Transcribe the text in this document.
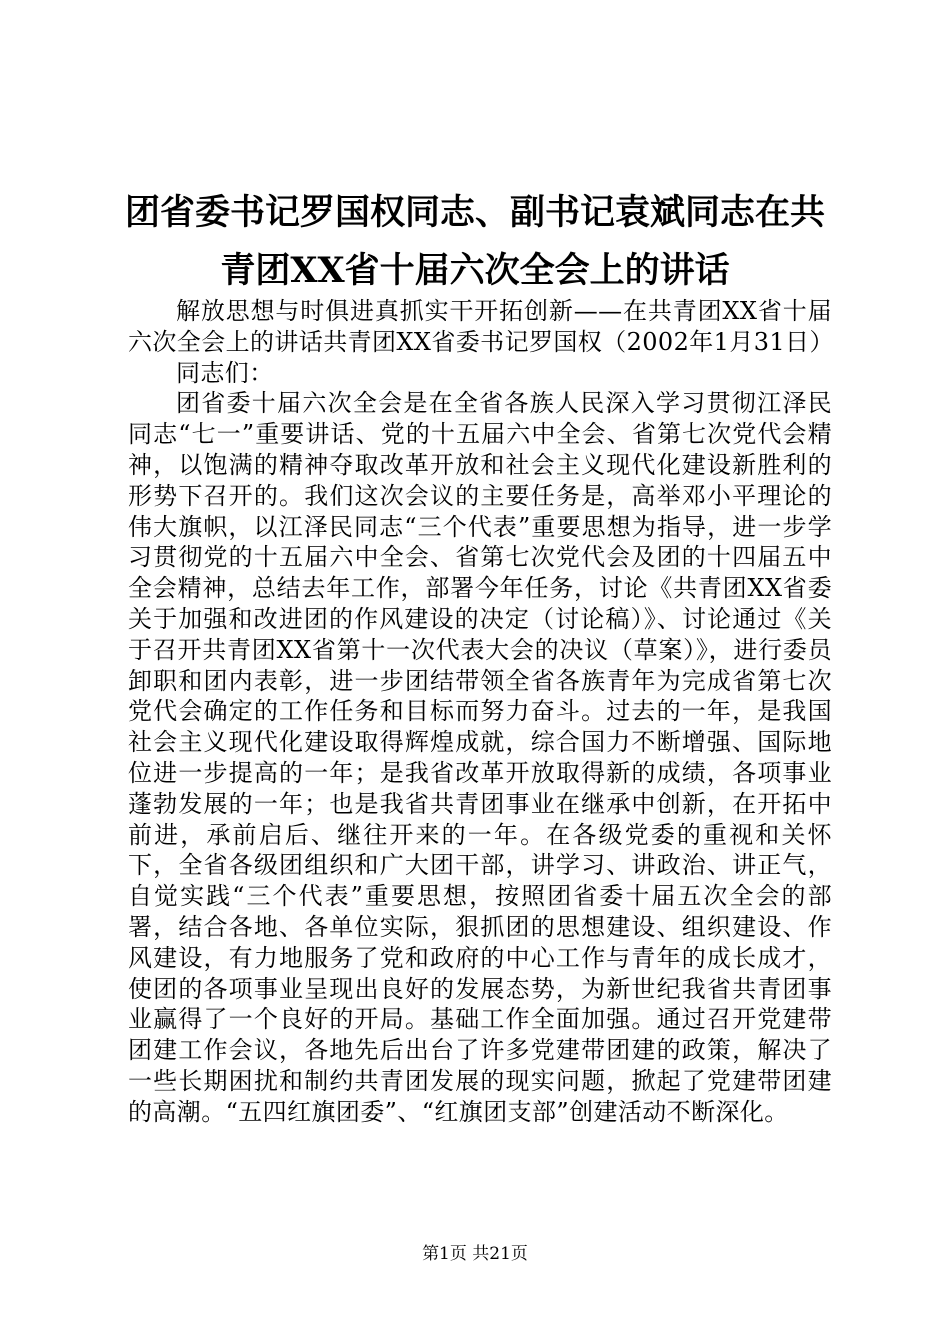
团省委书记罗国权同志、副书记袁斌同志在共
青团XX省十届六次全会上的讲话

解放思想与时俱进真抓实干开拓创新——在共青团XX省十届六次全会上的讲话共青团XX省委书记罗国权（2002年1月31日）

同志们：

团省委十届六次全会是在全省各族人民深入学习贯彻江泽民同志“七一”重要讲话、党的十五届六中全会、省第七次党代会精神，以饱满的精神夺取改革开放和社会主义现代化建设新胜利的形势下召开的。我们这次会议的主要任务是，高举邓小平理论的伟大旗帜，以江泽民同志“三个代表”重要思想为指导，进一步学习贯彻党的十五届六中全会、省第七次党代会及团的十四届五中全会精神，总结去年工作，部署今年任务，讨论《共青团XX省委关于加强和改进团的作风建设的决定（讨论稿）》、讨论通过《关于召开共青团XX省第十一次代表大会的决议（草案）》，进行委员卸职和团内表彰，进一步团结带领全省各族青年为完成省第七次党代会确定的工作任务和目标而努力奋斗。过去的一年，是我国社会主义现代化建设取得辉煌成就，综合国力不断增强、国际地位进一步提高的一年；是我省改革开放取得新的成绩，各项事业蓬勃发展的一年；也是我省共青团事业在继承中创新，在开拓中前进，承前启后、继往开来的一年。在各级党委的重视和关怀下，全省各级团组织和广大团干部，讲学习、讲政治、讲正气，自觉实践“三个代表”重要思想，按照团省委十届五次全会的部署，结合各地、各单位实际，狠抓团的思想建设、组织建设、作风建设，有力地服务了党和政府的中心工作与青年的成长成才，使团的各项事业呈现出良好的发展态势，为新世纪我省共青团事业赢得了一个良好的开局。基础工作全面加强。通过召开党建带团建工作会议，各地先后出台了许多党建带团建的政策，解决了一些长期困扰和制约共青团发展的现实问题，掀起了党建带团建的高潮。“五四红旗团委”、“红旗团支部”创建活动不断深化。

第1页 共21页
